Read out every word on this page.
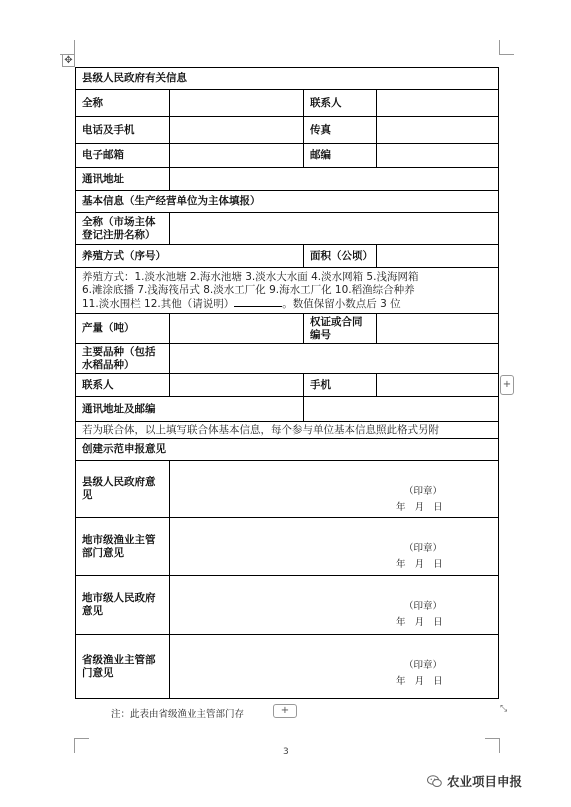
✥
县级人民政府有关信息			
全称		联系人	
电话及手机		传真	
电子邮箱		邮编	
通讯地址			
基本信息（生产经营单位为主体填报）			
全称（市场主体登记注册名称）			
养殖方式（序号）		面积（公顷）	

养殖方式：1.淡水池塘 2.海水池塘 3.淡水大水面 4.淡水网箱 5.浅海网箱
6.滩涂底播 7.浅海筏吊式 8.淡水工厂化 9.海水工厂化 10.稻渔综合种养
11.淡水围栏 12.其他（请说明） 。数值保留小数点后 3 位			

产量（吨）		权证或合同编号	
主要品种（包括水稻品种）			
联系人		手机	
通讯地址及邮编			
若为联合体，以上填写联合体基本信息，每个参与单位基本信息照此格式另附			
创建示范申报意见			
县级人民政府意见	（印章）
年 月 日		

地市级渔业主管部门意见	（印章）
年 月 日		

地市级人民政府意见	（印章）
年 月 日		

省级渔业主管部门意见	（印章）
年 月 日		
+
注：此表由省级渔业主管部门存	+	⤡
3
农业项目申报
